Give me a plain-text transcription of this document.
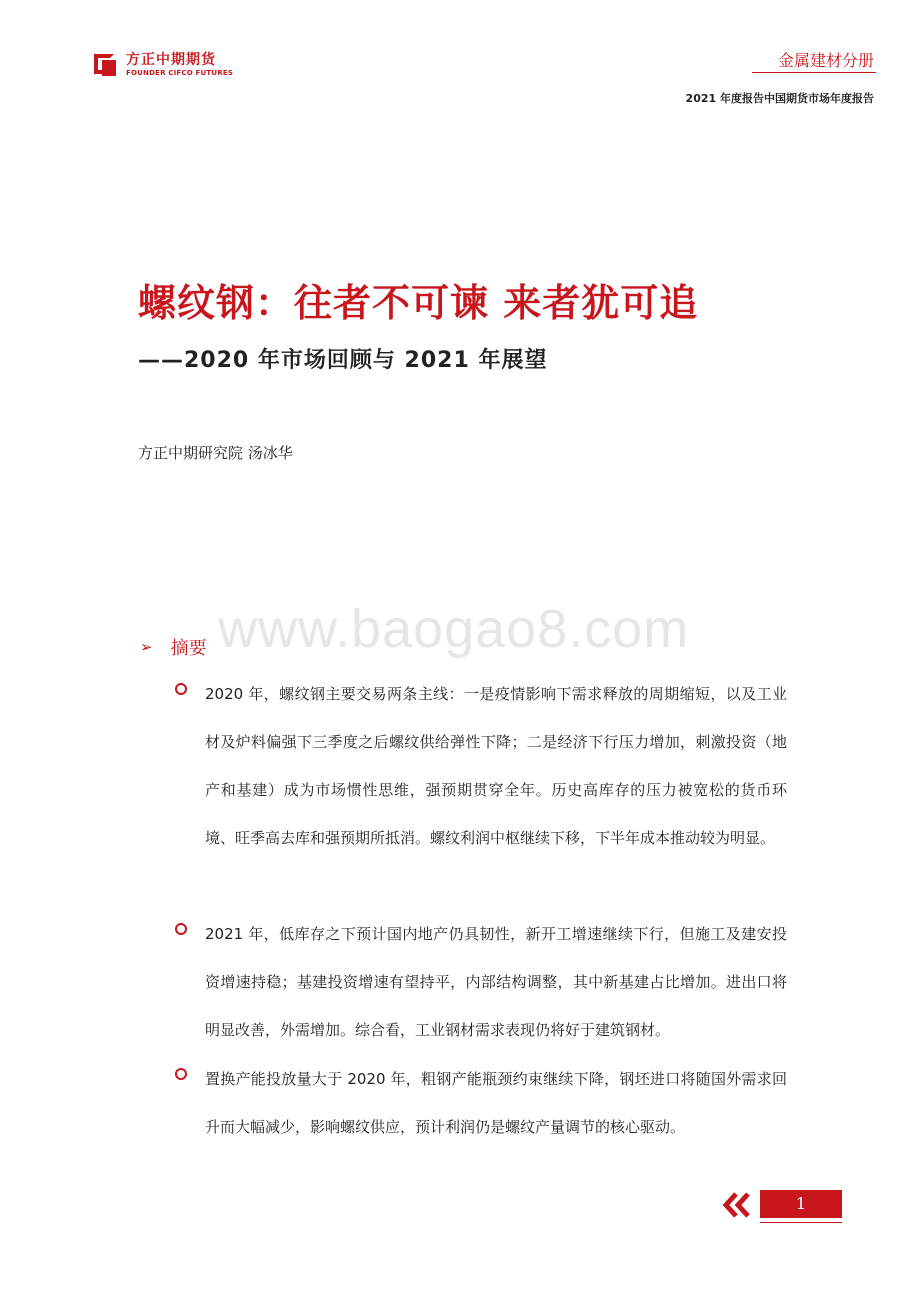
方正中期期货
FOUNDER CIFCO FUTURES
金属建材分册
2021 年度报告中国期货市场年度报告
螺纹钢：往者不可谏 来者犹可追
——2020 年市场回顾与 2021 年展望
方正中期研究院 汤冰华
www.baogao8.com
➢ 摘要
2020 年，螺纹钢主要交易两条主线：一是疫情影响下需求释放的周期缩短，以及工业材及炉料偏强下三季度之后螺纹供给弹性下降；二是经济下行压力增加，刺激投资（地产和基建）成为市场惯性思维，强预期贯穿全年。历史高库存的压力被宽松的货币环境、旺季高去库和强预期所抵消。螺纹利润中枢继续下移，下半年成本推动较为明显。
2021 年，低库存之下预计国内地产仍具韧性，新开工增速继续下行，但施工及建安投资增速持稳；基建投资增速有望持平，内部结构调整，其中新基建占比增加。进出口将明显改善，外需增加。综合看，工业钢材需求表现仍将好于建筑钢材。
置换产能投放量大于 2020 年，粗钢产能瓶颈约束继续下降，钢坯进口将随国外需求回升而大幅减少，影响螺纹供应，预计利润仍是螺纹产量调节的核心驱动。
1
